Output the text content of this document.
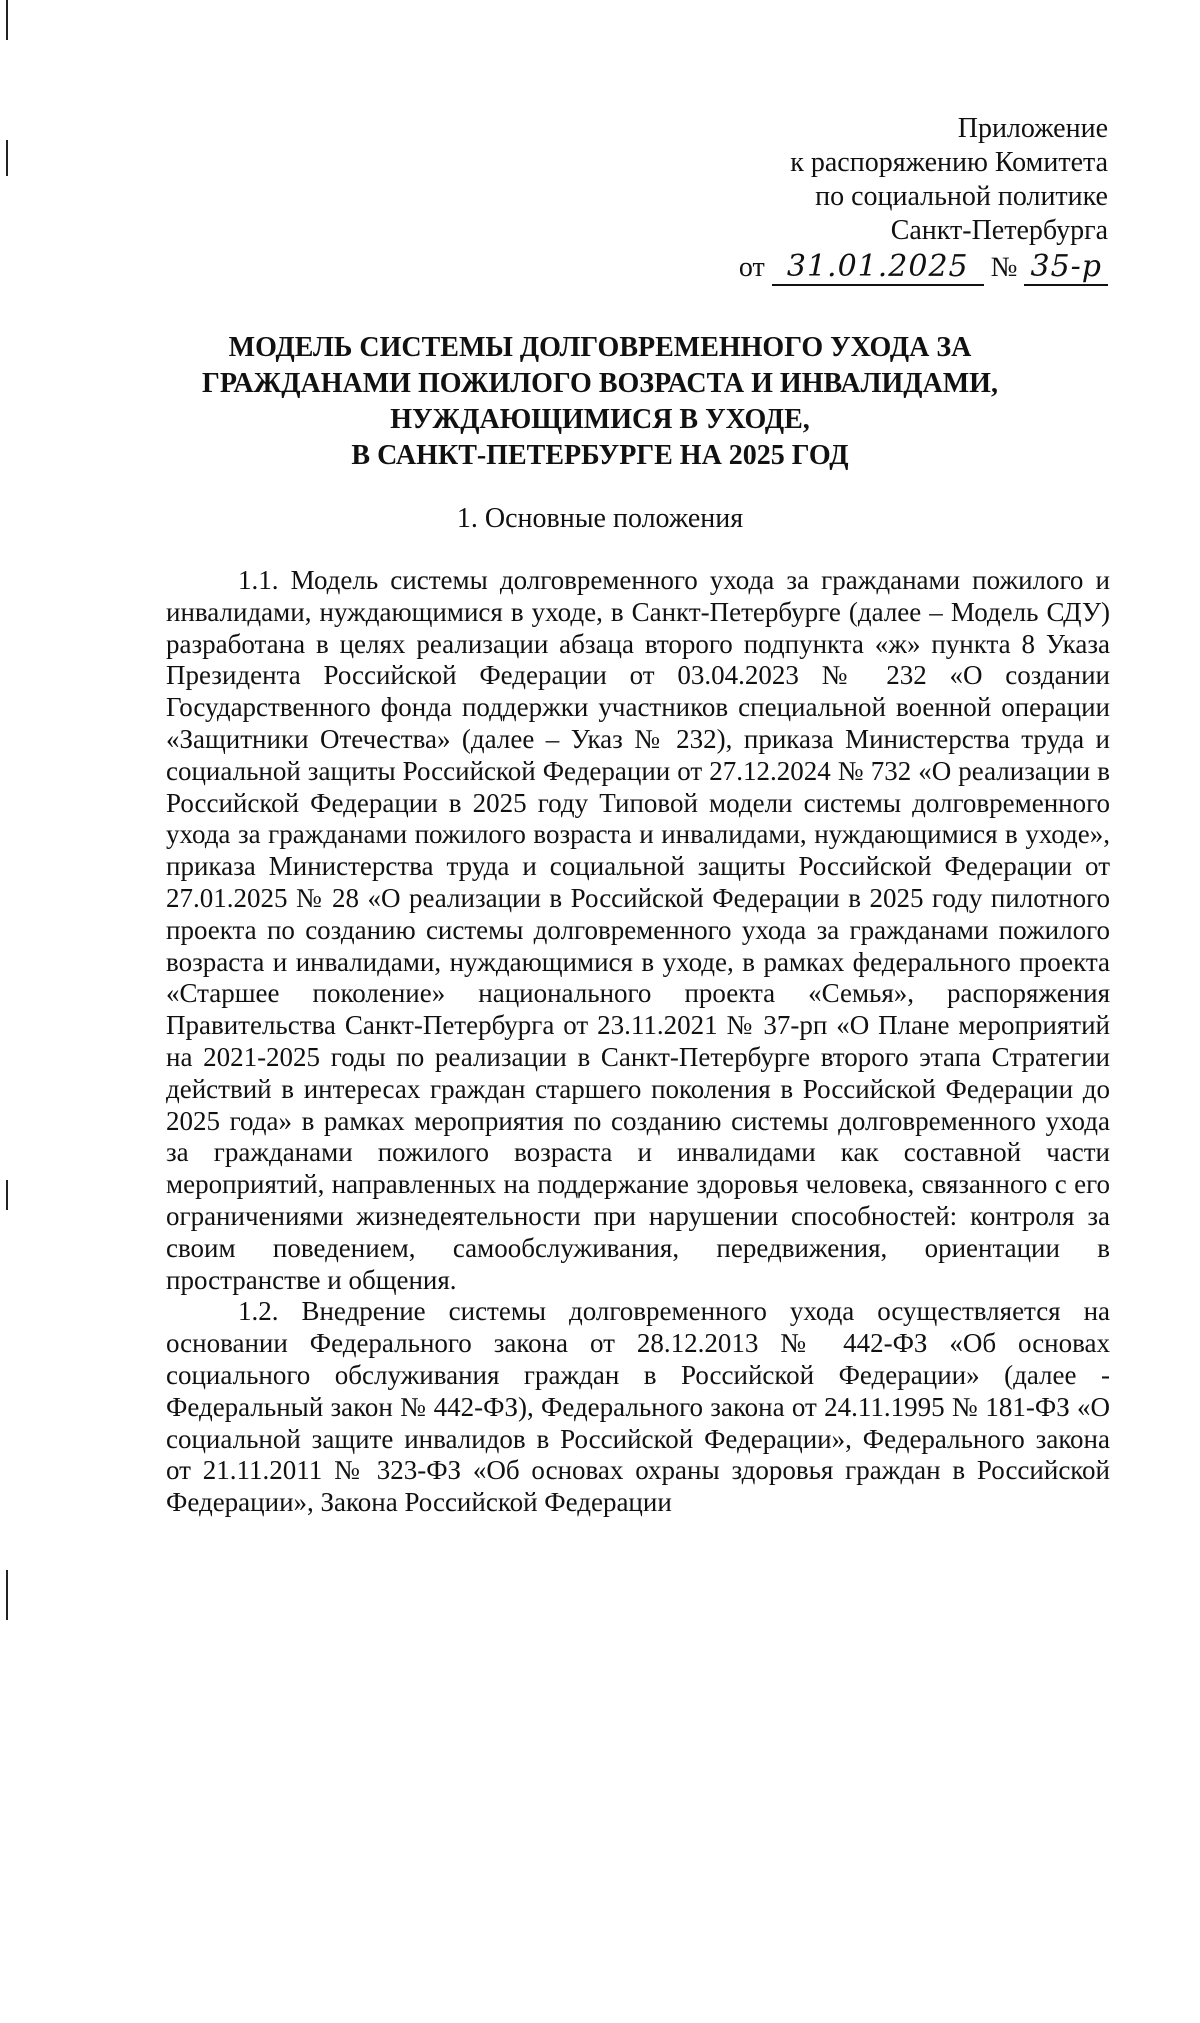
Приложение
к распоряжению Комитета
по социальной политике
Санкт-Петербурга
от 31.01.2025 № 35-р
МОДЕЛЬ СИСТЕМЫ ДОЛГОВРЕМЕННОГО УХОДА ЗА
ГРАЖДАНАМИ ПОЖИЛОГО ВОЗРАСТА И ИНВАЛИДАМИ,
НУЖДАЮЩИМИСЯ В УХОДЕ,
В САНКТ-ПЕТЕРБУРГЕ НА 2025 ГОД
1. Основные положения

1.1. Модель системы долговременного ухода за гражданами пожилого и инвалидами, нуждающимися в уходе, в Санкт-Петербурге (далее – Модель СДУ) разработана в целях реализации абзаца второго подпункта «ж» пункта 8 Указа Президента Российской Федерации от 03.04.2023 № 232 «О создании Государственного фонда поддержки участников специальной военной операции «Защитники Отечества» (далее – Указ № 232), приказа Министерства труда и социальной защиты Российской Федерации от 27.12.2024 № 732 «О реализации в Российской Федерации в 2025 году Типовой модели системы долговременного ухода за гражданами пожилого возраста и инвалидами, нуждающимися в уходе», приказа Министерства труда и социальной защиты Российской Федерации от 27.01.2025 № 28 «О реализации в Российской Федерации в 2025 году пилотного проекта по созданию системы долговременного ухода за гражданами пожилого возраста и инвалидами, нуждающимися в уходе, в рамках федерального проекта «Старшее поколение» национального проекта «Семья», распоряжения Правительства Санкт-Петербурга от 23.11.2021 № 37-рп «О Плане мероприятий на 2021-2025 годы по реализации в Санкт-Петербурге второго этапа Стратегии действий в интересах граждан старшего поколения в Российской Федерации до 2025 года» в рамках мероприятия по созданию системы долговременного ухода за гражданами пожилого возраста и инвалидами как составной части мероприятий, направленных на поддержание здоровья человека, связанного с его ограничениями жизнедеятельности при нарушении способностей: контроля за своим поведением, самообслуживания, передвижения, ориентации в пространстве и общения.

1.2. Внедрение системы долговременного ухода осуществляется на основании Федерального закона от 28.12.2013 № 442-ФЗ «Об основах социального обслуживания граждан в Российской Федерации» (далее - Федеральный закон № 442-ФЗ), Федерального закона от 24.11.1995 № 181-ФЗ «О социальной защите инвалидов в Российской Федерации», Федерального закона от 21.11.2011 № 323-ФЗ «Об основах охраны здоровья граждан в Российской Федерации», Закона Российской Федерации
